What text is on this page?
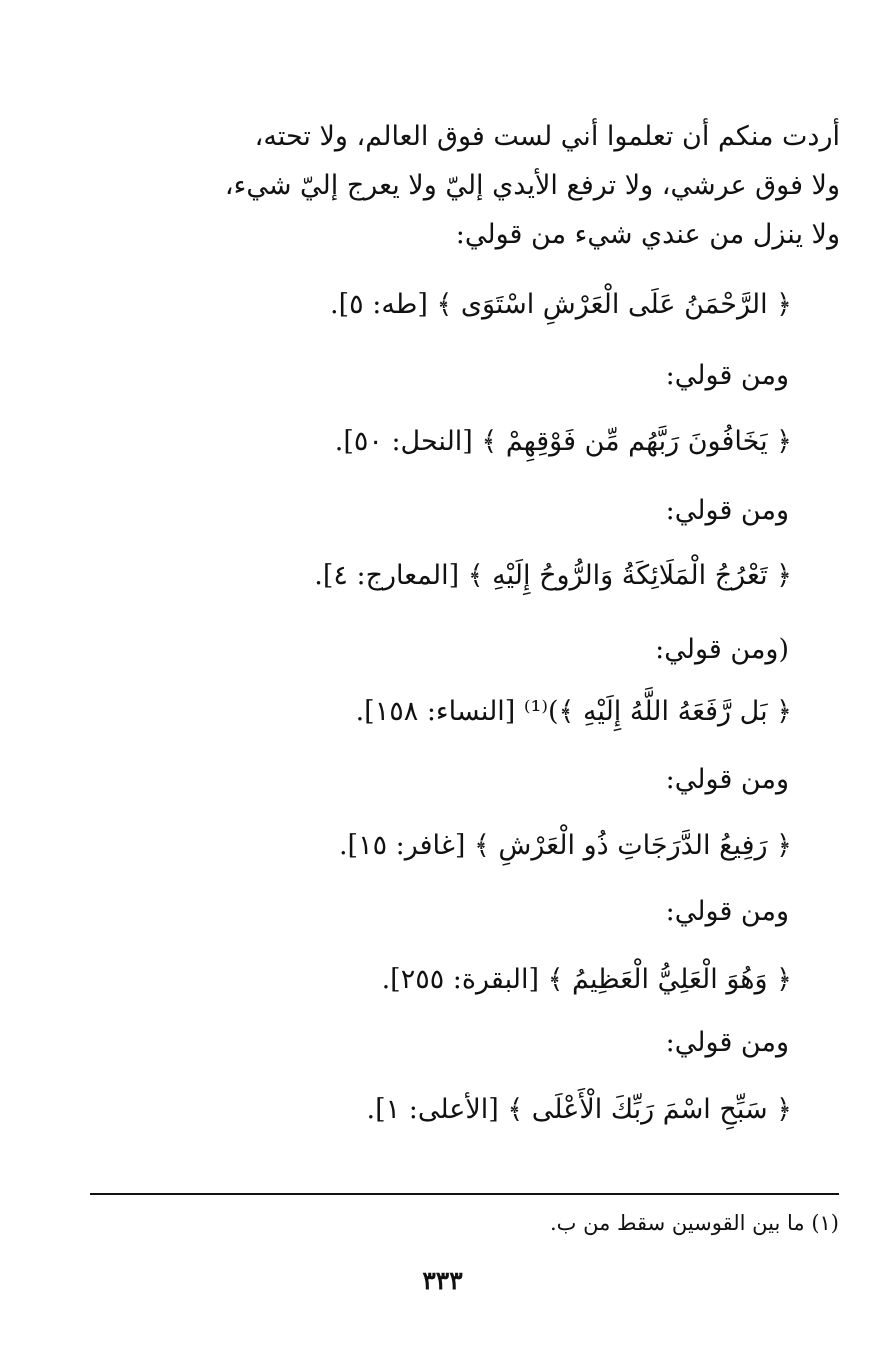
أردت منكم أن تعلموا أني لست فوق العالم، ولا تحته،
ولا فوق عرشي، ولا ترفع الأيدي إليّ ولا يعرج إليّ شيء،
ولا ينزل من عندي شيء من قولي:
﴿ الرَّحْمَنُ عَلَى الْعَرْشِ اسْتَوَى ﴾ [طه: ٥].
ومن قولي:
﴿ يَخَافُونَ رَبَّهُم مِّن فَوْقِهِمْ ﴾ [النحل: ٥٠].
ومن قولي:
﴿ تَعْرُجُ الْمَلَائِكَةُ وَالرُّوحُ إِلَيْهِ ﴾ [المعارج: ٤].
(ومن قولي:
﴿ بَل رَّفَعَهُ اللَّهُ إِلَيْهِ ﴾)⁽¹⁾ [النساء: ١٥٨].
ومن قولي:
﴿ رَفِيعُ الدَّرَجَاتِ ذُو الْعَرْشِ ﴾ [غافر: ١٥].
ومن قولي:
﴿ وَهُوَ الْعَلِيُّ الْعَظِيمُ ﴾ [البقرة: ٢٥٥].
ومن قولي:
﴿ سَبِّحِ اسْمَ رَبِّكَ الْأَعْلَى ﴾ [الأعلى: ١].
(١) ما بين القوسين سقط من ب.
٣٣٣
